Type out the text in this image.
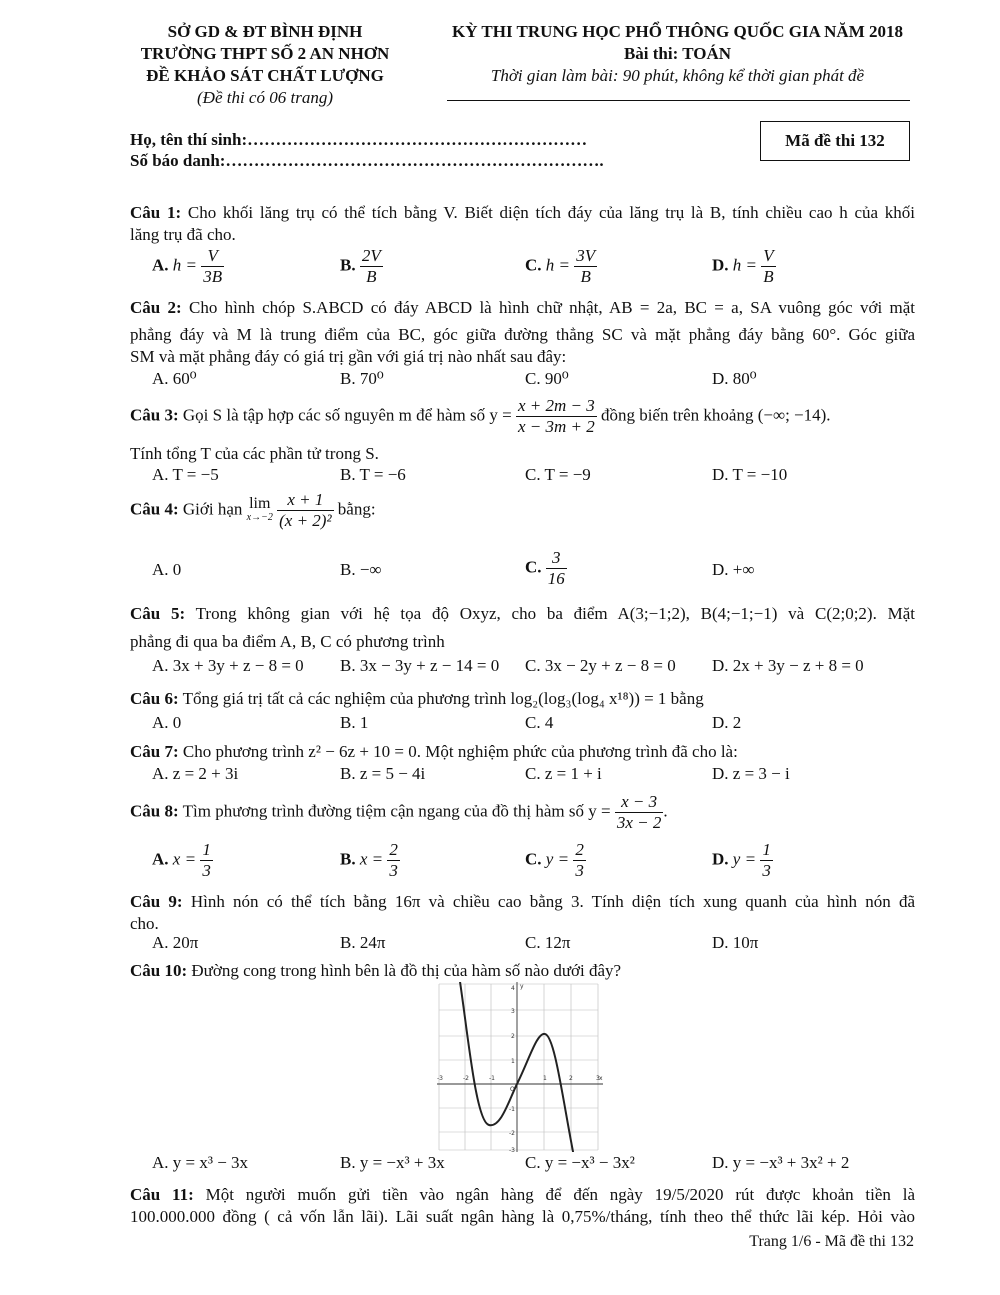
SỞ GD & ĐT BÌNH ĐỊNH
TRƯỜNG THPT SỐ 2 AN NHƠN
ĐỀ KHẢO SÁT CHẤT LƯỢNG
(Đề thi có 06 trang)
KỲ THI TRUNG HỌC PHỔ THÔNG QUỐC GIA NĂM 2018
Bài thi: TOÁN
Thời gian làm bài: 90 phút, không kể thời gian phát đề
Họ, tên thí sinh:……………………………………………………
Số báo danh:………………………………………………………….
Mã đề thi 132
Câu 1: Cho khối lăng trụ có thể tích bằng V. Biết diện tích đáy của lăng trụ là B, tính chiều cao h của khối
lăng trụ đã cho.
A. $h = \frac{V}{3B}$	B. $\frac{2V}{B}$	C. $h = \frac{3V}{B}$	D. $h = \frac{V}{B}$
Câu 2: Cho hình chóp S.ABCD có đáy ABCD là hình chữ nhật, AB = 2a, BC = a, SA vuông góc với mặt
phẳng đáy và M là trung điểm của BC, góc giữa đường thẳng SC và mặt phẳng đáy bằng 60°. Góc giữa
SM và mặt phẳng đáy có giá trị gần với giá trị nào nhất sau đây:
A. 60⁰	B. 70⁰	C. 90⁰	D. 80⁰
Câu 3: Gọi S là tập hợp các số nguyên m để hàm số $y = \frac{x + 2m - 3}{x - 3m + 2}$ đồng biến trên khoảng (−∞; −14).
Tính tổng T của các phần tử trong S.
A. T = −5	B. T = −6	C. T = −9	D. T = −10
Câu 4: Giới hạn lim
x→−2
$\frac{x + 1}{\text{(x + 2)²}}$ bằng:
A. 0	B. −∞	C. $\frac{3}{16}$	D. +∞
Câu 5: Trong không gian với hệ tọa độ Oxyz, cho ba điểm A(3;−1;2), B(4;−1;−1) và C(2;0;2). Mặt
phẳng đi qua ba điểm A, B, C có phương trình
A. 3x + 3y + z − 8 = 0 B. 3x − 3y + z − 14 = 0 C. 3x − 2y + z − 8 = 0 D. 2x + 3y − z + 8 = 0
Câu 6: Tổng giá trị tất cả các nghiệm của phương trình log₂(log₃(log₄ x¹⁸)) = 1 bằng
A. 0	B. 1	C. 4	D. 2
Câu 7: Cho phương trình z² − 6z + 10 = 0. Một nghiệm phức của phương trình đã cho là:
A. z = 2 + 3i	B. z = 5 − 4i	C. z = 1 + i	D. z = 3 − i
Câu 8: Tìm phương trình đường tiệm cận ngang của đồ thị hàm số $y = \frac{x - 3}{3x - 2}$ .
A. $x = \frac{1}{3}$	B. $x = \frac{2}{3}$	C. $y = \frac{2}{3}$	D. $y = \frac{1}{3}$
Câu 9: Hình nón có thể tích bằng 16π và chiều cao bằng 3. Tính diện tích xung quanh của hình nón đã
cho.
A. 20π	B. 24π	C. 12π	D. 10π
Câu 10: Đường cong trong hình bên là đồ thị của hàm số nào dưới đây?
x
y
O
-3	-2	-1	1	2	3
4
3
2
1
-1
-2
-3
A. y = x³ − 3x	B. y = −x³ + 3x	C. y = −x³ − 3x²	D. y = −x³ + 3x² + 2
Câu 11: Một người muốn gửi tiền vào ngân hàng để đến ngày 19/5/2020 rút được khoản tiền là
100.000.000 đồng ( cả vốn lẫn lãi). Lãi suất ngân hàng là 0,75%/tháng, tính theo thể thức lãi kép. Hỏi vào
Trang 1/6 - Mã đề thi 132
